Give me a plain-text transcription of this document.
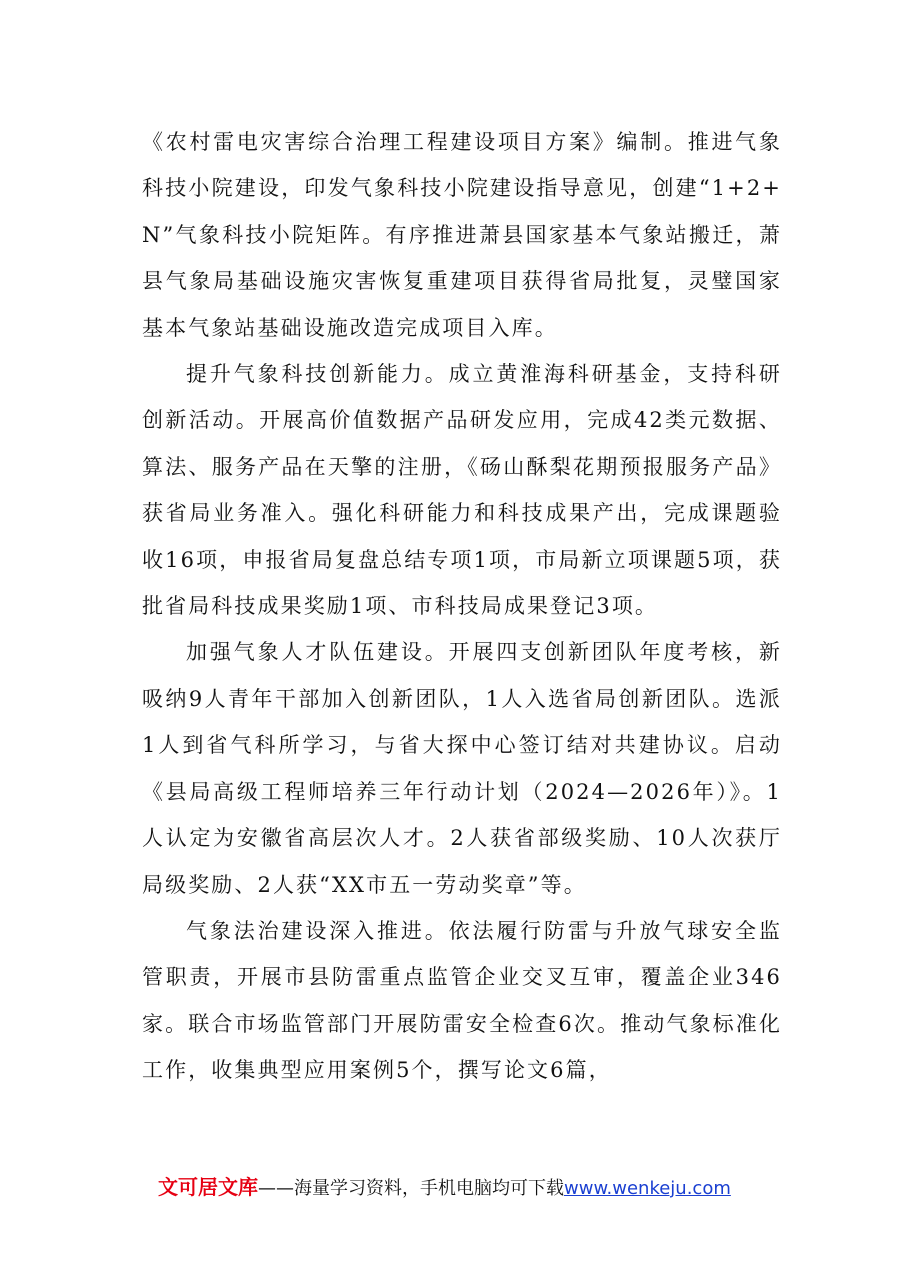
《农村雷电灾害综合治理工程建设项目方案》编制。推进气象科技小院建设，印发气象科技小院建设指导意见，创建“1+2+N”气象科技小院矩阵。有序推进萧县国家基本气象站搬迁，萧县气象局基础设施灾害恢复重建项目获得省局批复，灵璧国家基本气象站基础设施改造完成项目入库。

提升气象科技创新能力。成立黄淮海科研基金，支持科研创新活动。开展高价值数据产品研发应用，完成42类元数据、算法、服务产品在天擎的注册，《砀山酥梨花期预报服务产品》获省局业务准入。强化科研能力和科技成果产出，完成课题验收16项，申报省局复盘总结专项1项，市局新立项课题5项，获批省局科技成果奖励1项、市科技局成果登记3项。

加强气象人才队伍建设。开展四支创新团队年度考核，新吸纳9人青年干部加入创新团队，1人入选省局创新团队。选派1人到省气科所学习，与省大探中心签订结对共建协议。启动《县局高级工程师培养三年行动计划（2024—2026年）》。1人认定为安徽省高层次人才。2人获省部级奖励、10人次获厅局级奖励、2人获“XX市五一劳动奖章”等。

气象法治建设深入推进。依法履行防雷与升放气球安全监管职责，开展市县防雷重点监管企业交叉互审，覆盖企业346家。联合市场监管部门开展防雷安全检查6次。推动气象标准化工作，收集典型应用案例5个，撰写论文6篇，

文可居文库——海量学习资料，手机电脑均可下载www.wenkeju.com
